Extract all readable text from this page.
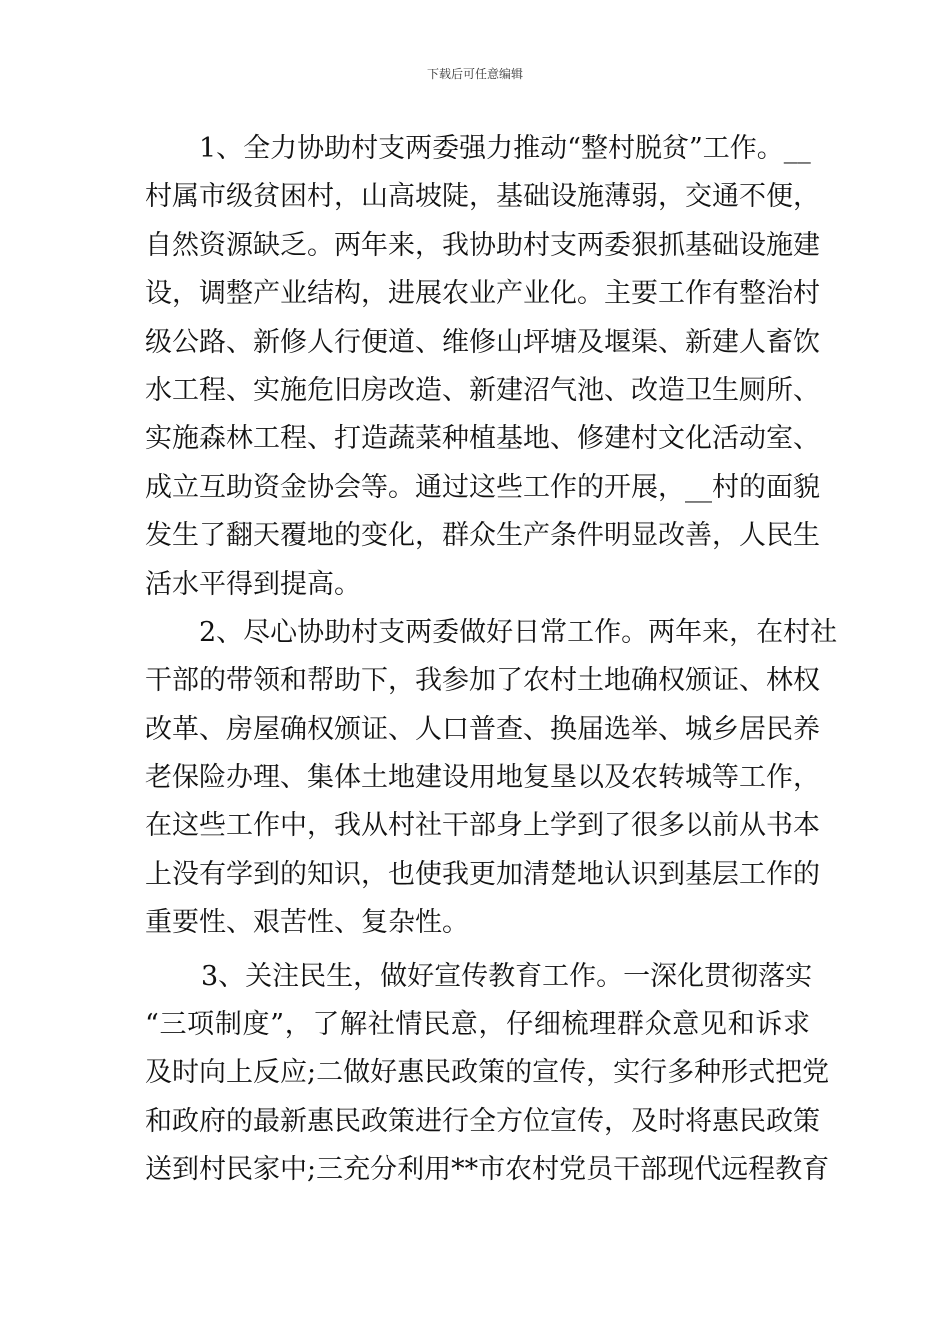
下载后可任意编辑
1、全力协助村支两委强力推动“整村脱贫”工作。__
村属市级贫困村，山高坡陡，基础设施薄弱，交通不便，
自然资源缺乏。两年来，我协助村支两委狠抓基础设施建
设，调整产业结构，进展农业产业化。主要工作有整治村
级公路、新修人行便道、维修山坪塘及堰渠、新建人畜饮
水工程、实施危旧房改造、新建沼气池、改造卫生厕所、
实施森林工程、打造蔬菜种植基地、修建村文化活动室、
成立互助资金协会等。通过这些工作的开展，__村的面貌
发生了翻天覆地的变化，群众生产条件明显改善，人民生
活水平得到提高。
2、尽心协助村支两委做好日常工作。两年来，在村社
干部的带领和帮助下，我参加了农村土地确权颁证、林权
改革、房屋确权颁证、人口普查、换届选举、城乡居民养
老保险办理、集体土地建设用地复垦以及农转城等工作，
在这些工作中，我从村社干部身上学到了很多以前从书本
上没有学到的知识，也使我更加清楚地认识到基层工作的
重要性、艰苦性、复杂性。
3、关注民生，做好宣传教育工作。一深化贯彻落实
“三项制度”，了解社情民意，仔细梳理群众意见和诉求
及时向上反应;二做好惠民政策的宣传，实行多种形式把党
和政府的最新惠民政策进行全方位宣传，及时将惠民政策
送到村民家中;三充分利用**市农村党员干部现代远程教育
